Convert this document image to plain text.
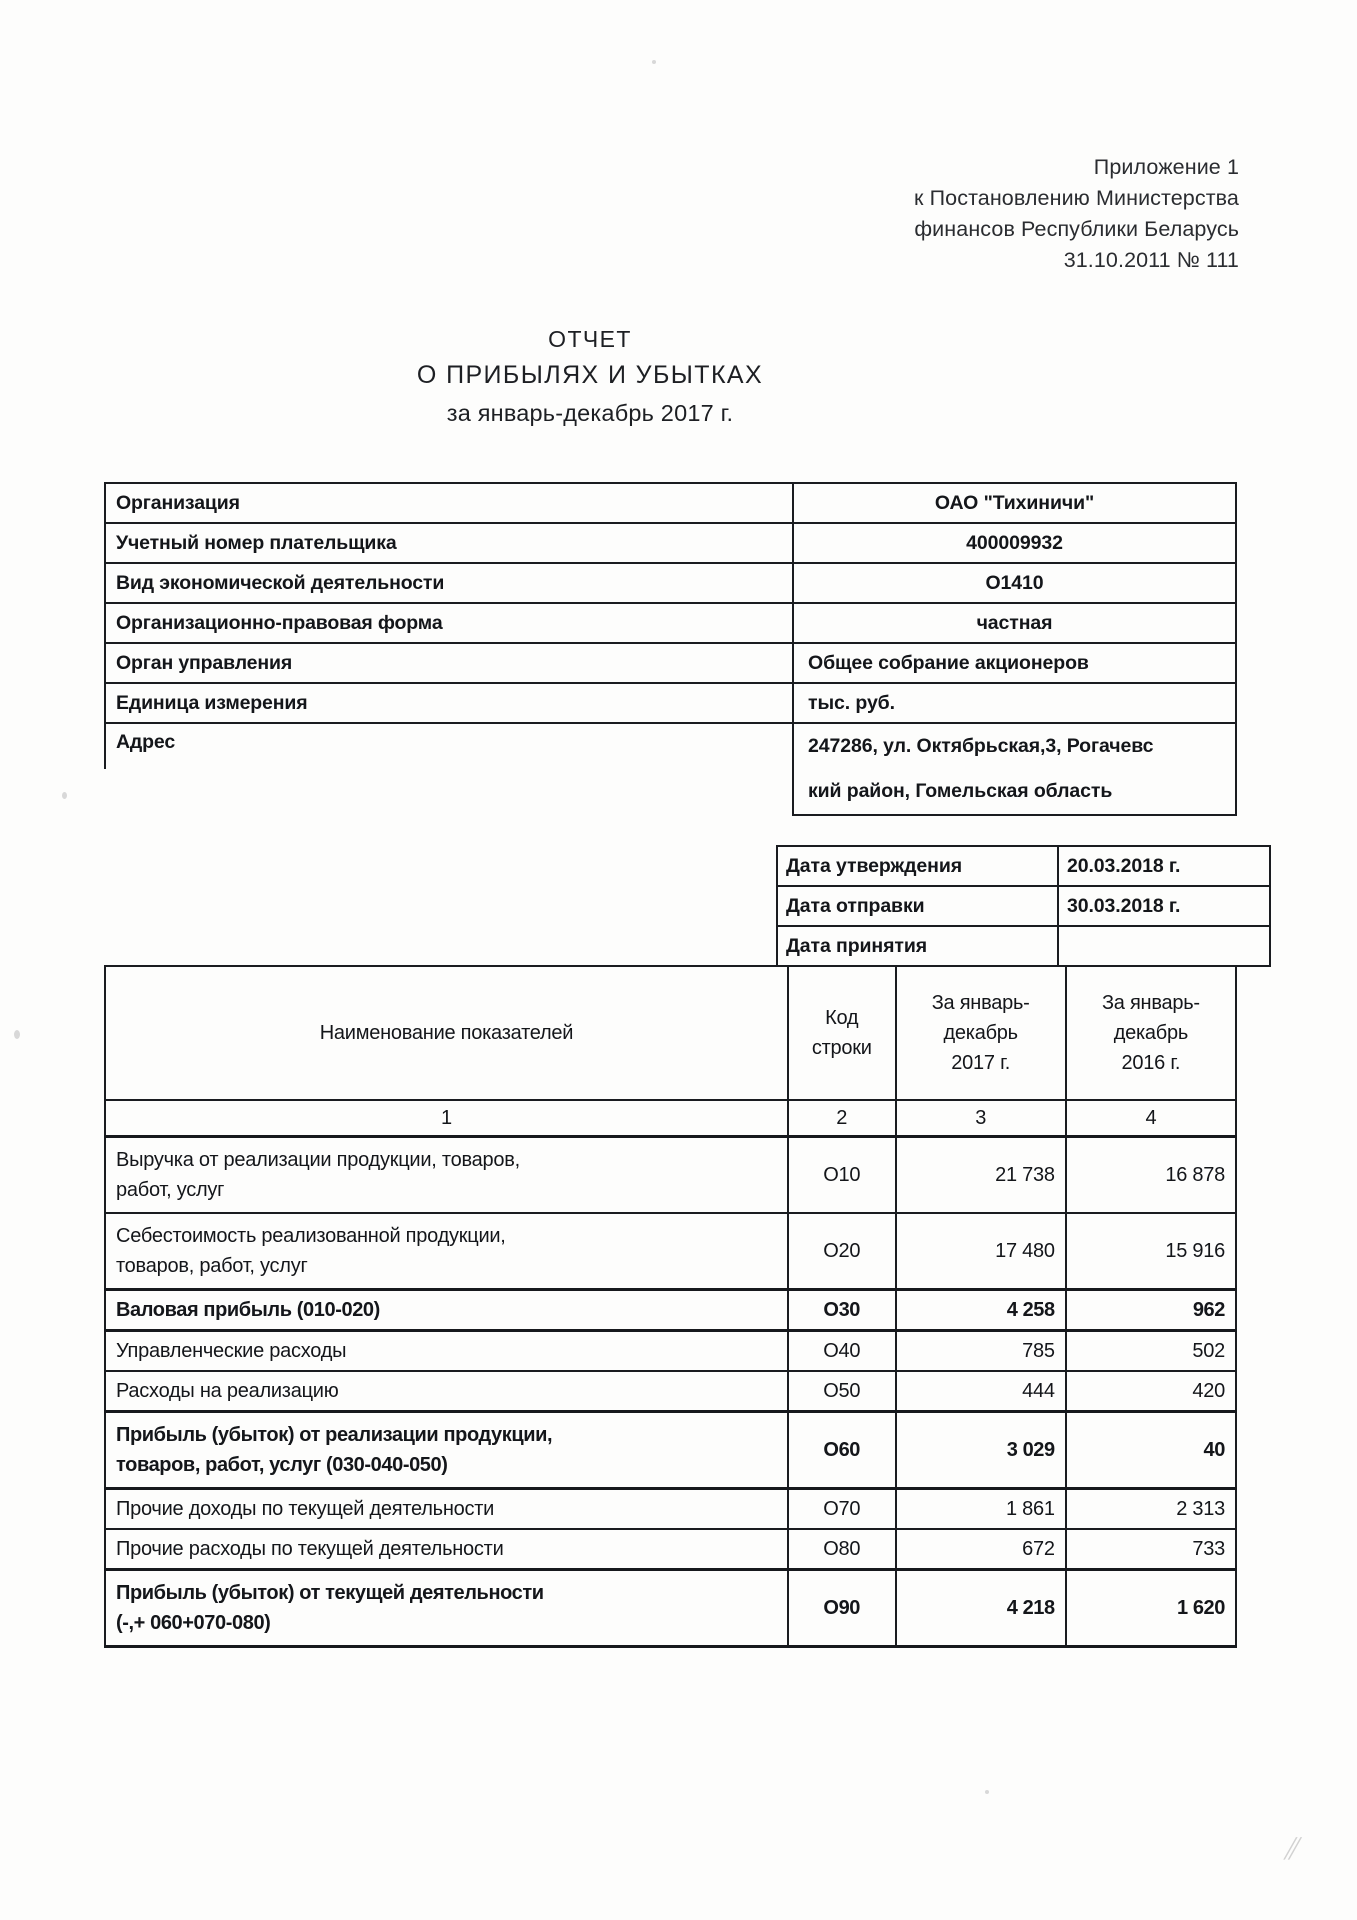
Приложение 1
к Постановлению Министерства
финансов Республики Беларусь
31.10.2011 № 111
ОТЧЕТ
О ПРИБЫЛЯХ И УБЫТКАХ
за январь-декабрь 2017 г.
Организация	ОАО "Тихиничи"
Учетный номер плательщика	400009932
Вид экономической деятельности	О1410
Организационно-правовая форма	частная
Орган управления	Общее собрание акционеров
Единица измерения	тыс. руб.
Адрес	247286, ул. Октябрьская,3, Рогачевс
	кий район, Гомельская область
Дата утверждения	20.03.2018 г.
Дата отправки	30.03.2018 г.
Дата принятия	
Наименование показателей	
Код
строки

За январь-
декабрь
2017 г.

За январь-
декабрь
2016 г.

1	2	3	4

Выручка от реализации продукции, товаров,
работ, услуг	О10	21 738	16 878

Себестоимость реализованной продукции,
товаров, работ, услуг	О20	17 480	15 916
Валовая прибыль (010-020)	О30	4 258	962
Управленческие расходы	О40	785	502
Расходы на реализацию	О50	444	420

Прибыль (убыток) от реализации продукции,
товаров, работ, услуг (030-040-050)	О60	3 029	40
Прочие доходы по текущей деятельности	О70	1 861	2 313
Прочие расходы по текущей деятельности	О80	672	733

Прибыль (убыток) от текущей деятельности
(-,+ 060+070-080)	О90	4 218	1 620
⫽
